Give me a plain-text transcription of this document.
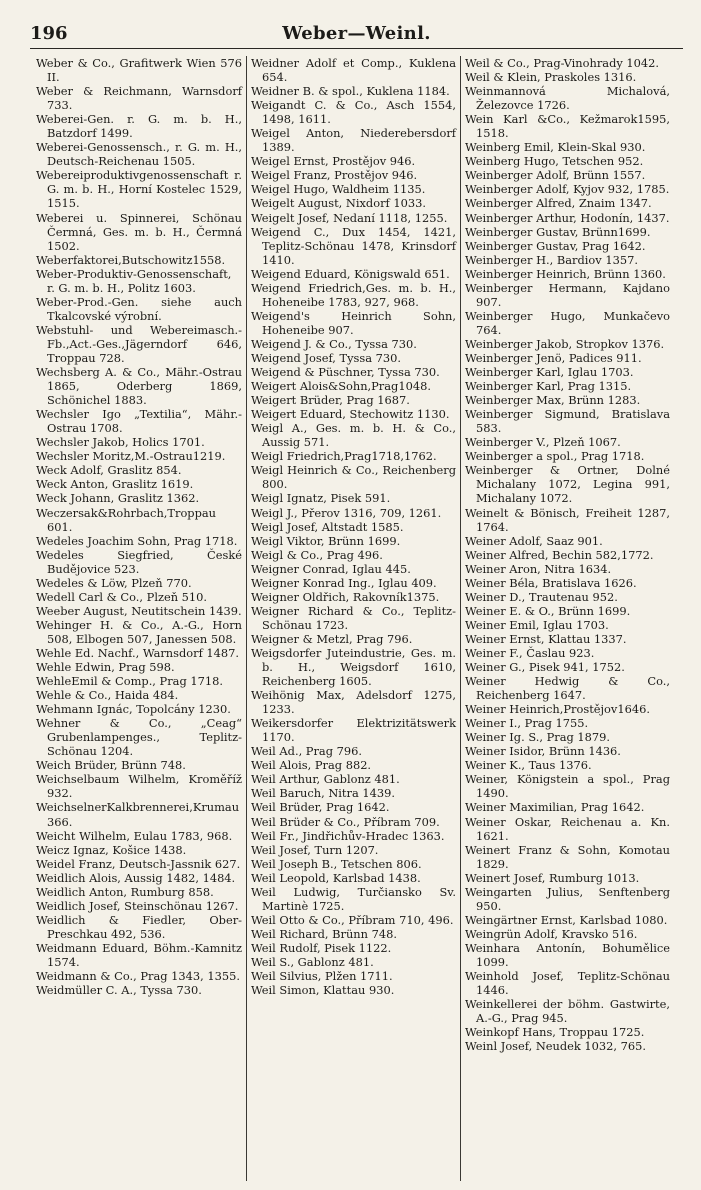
196	Weber—Weinl.
Weber & Co., Grafitwerk Wien 576 II.
Weber & Reichmann, Warnsdorf 733.
Weberei-Gen. r. G. m. b. H., Batzdorf 1499.
Weberei-Genossensch., r. G. m. H., Deutsch-Reichenau 1505.
Webereiproduktivgenossenschaft r. G. m. b. H., Horní Kostelec 1529, 1515.
Weberei u. Spinnerei, Schönau Čermná, Ges. m. b. H., Čermná 1502.
Weberfaktorei,Butschowitz1558.
Weber-Produktiv-Genossenschaft, r. G. m. b. H., Politz 1603.
Weber-Prod.-Gen. siehe auch Tkalcovské výrobní.
Webstuhl- und Webereimasch.-Fb.,Act.-Ges.,Jägerndorf 646, Troppau 728.
Wechsberg A. & Co., Mähr.-Ostrau 1865, Oderberg 1869, Schönichel 1883.
Wechsler Igo „Textilia“, Mähr.-Ostrau 1708.
Wechsler Jakob, Holics 1701.
Wechsler Moritz,M.-Ostrau1219.
Weck Adolf, Graslitz 854.
Weck Anton, Graslitz 1619.
Weck Johann, Graslitz 1362.
Weczersak&Rohrbach,Troppau 601.
Wedeles Joachim Sohn, Prag 1718.
Wedeles Siegfried, České Budějovice 523.
Wedeles & Löw, Plzeň 770.
Wedell Carl & Co., Plzeň 510.
Weeber August, Neutitschein 1439.
Wehinger H. & Co., A.-G., Horn 508, Elbogen 507, Janessen 508.
Wehle Ed. Nachf., Warnsdorf 1487.
Wehle Edwin, Prag 598.
WehleEmil & Comp., Prag 1718.
Wehle & Co., Haida 484.
Wehmann Ignác, Topolcány 1230.
Wehner & Co., „Ceag“ Grubenlampenges., Teplitz-Schönau 1204.
Weich Brüder, Brünn 748.
Weichselbaum Wilhelm, Kroměříž 932.
WeichselnerKalkbrennerei,Krumau 366.
Weicht Wilhelm, Eulau 1783, 968.
Weicz Ignaz, Košice 1438.
Weidel Franz, Deutsch-Jassnik 627.
Weidlich Alois, Aussig 1482, 1484.
Weidlich Anton, Rumburg 858.
Weidlich Josef, Steinschönau 1267.
Weidlich & Fiedler, Ober-Preschkau 492, 536.
Weidmann Eduard, Böhm.-Kamnitz 1574.
Weidmann & Co., Prag 1343, 1355.
Weidmüller C. A., Tyssa 730.
Weidner Adolf et Comp., Kuklena 654.
Weidner B. & spol., Kuklena 1184.
Weigandt C. & Co., Asch 1554, 1498, 1611.
Weigel Anton, Niederebersdorf 1389.
Weigel Ernst, Prostějov 946.
Weigel Franz, Prostějov 946.
Weigel Hugo, Waldheim 1135.
Weigelt August, Nixdorf 1033.
Weigelt Josef, Nedaní 1118, 1255.
Weigend C., Dux 1454, 1421, Teplitz-Schönau 1478, Krinsdorf 1410.
Weigend Eduard, Königswald 651.
Weigend Friedrich,Ges. m. b. H., Hoheneibe 1783, 927, 968.
Weigend's Heinrich Sohn, Hoheneibe 907.
Weigend J. & Co., Tyssa 730.
Weigend Josef, Tyssa 730.
Weigend & Püschner, Tyssa 730.
Weigert Alois&Sohn,Prag1048.
Weigert Brüder, Prag 1687.
Weigert Eduard, Stechowitz 1130.
Weigl A., Ges. m. b. H. & Co., Aussig 571.
Weigl Friedrich,Prag1718,1762.
Weigl Heinrich & Co., Reichenberg 800.
Weigl Ignatz, Pisek 591.
Weigl J., Přerov 1316, 709, 1261.
Weigl Josef, Altstadt 1585.
Weigl Viktor, Brünn 1699.
Weigl & Co., Prag 496.
Weigner Conrad, Iglau 445.
Weigner Konrad Ing., Iglau 409.
Weigner Oldřich, Rakovník1375.
Weigner Richard & Co., Teplitz-Schönau 1723.
Weigner & Metzl, Prag 796.
Weigsdorfer Juteindustrie, Ges. m. b. H., Weigsdorf 1610, Reichenberg 1605.
Weihönig Max, Adelsdorf 1275, 1233.
Weikersdorfer Elektrizitätswerk 1170.
Weil Ad., Prag 796.
Weil Alois, Prag 882.
Weil Arthur, Gablonz 481.
Weil Baruch, Nitra 1439.
Weil Brüder, Prag 1642.
Weil Brüder & Co., Příbram 709.
Weil Fr., Jindřichův-Hradec 1363.
Weil Josef, Turn 1207.
Weil Joseph B., Tetschen 806.
Weil Leopold, Karlsbad 1438.
Weil Ludwig, Turčiansko Sv. Martinè 1725.
Weil Otto & Co., Příbram 710, 496.
Weil Richard, Brünn 748.
Weil Rudolf, Pisek 1122.
Weil S., Gablonz 481.
Weil Silvius, Plžen 1711.
Weil Simon, Klattau 930.
Weil & Co., Prag-Vinohrady 1042.
Weil & Klein, Praskoles 1316.
Weinmannová Michalová, Železovce 1726.
Wein Karl &Co., Kežmarok1595, 1518.
Weinberg Emil, Klein-Skal 930.
Weinberg Hugo, Tetschen 952.
Weinberger Adolf, Brünn 1557.
Weinberger Adolf, Kyjov 932, 1785.
Weinberger Alfred, Znaim 1347.
Weinberger Arthur, Hodonín, 1437.
Weinberger Gustav, Brünn1699.
Weinberger Gustav, Prag 1642.
Weinberger H., Bardiov 1357.
Weinberger Heinrich, Brünn 1360.
Weinberger Hermann, Kajdano 907.
Weinberger Hugo, Munkačevo 764.
Weinberger Jakob, Stropkov 1376.
Weinberger Jenö, Padices 911.
Weinberger Karl, Iglau 1703.
Weinberger Karl, Prag 1315.
Weinberger Max, Brünn 1283.
Weinberger Sigmund, Bratislava 583.
Weinberger V., Plzeň 1067.
Weinberger a spol., Prag 1718.
Weinberger & Ortner, Dolné Michalany 1072, Legina 991, Michalany 1072.
Weinelt & Bönisch, Freiheit 1287, 1764.
Weiner Adolf, Saaz 901.
Weiner Alfred, Bechin 582,1772.
Weiner Aron, Nitra 1634.
Weiner Béla, Bratislava 1626.
Weiner D., Trautenau 952.
Weiner E. & O., Brünn 1699.
Weiner Emil, Iglau 1703.
Weiner Ernst, Klattau 1337.
Weiner F., Časlau 923.
Weiner G., Pisek 941, 1752.
Weiner Hedwig & Co., Reichenberg 1647.
Weiner Heinrich,Prostějov1646.
Weiner I., Prag 1755.
Weiner Ig. S., Prag 1879.
Weiner Isidor, Brünn 1436.
Weiner K., Taus 1376.
Weiner, Königstein a spol., Prag 1490.
Weiner Maximilian, Prag 1642.
Weiner Oskar, Reichenau a. Kn. 1621.
Weinert Franz & Sohn, Komotau 1829.
Weinert Josef, Rumburg 1013.
Weingarten Julius, Senftenberg 950.
Weingärtner Ernst, Karlsbad 1080.
Weingrün Adolf, Kravsko 516.
Weinhara Antonín, Bohumělice 1099.
Weinhold Josef, Teplitz-Schönau 1446.
Weinkellerei der böhm. Gastwirte, A.-G., Prag 945.
Weinkopf Hans, Troppau 1725.
Weinl Josef, Neudek 1032, 765.
